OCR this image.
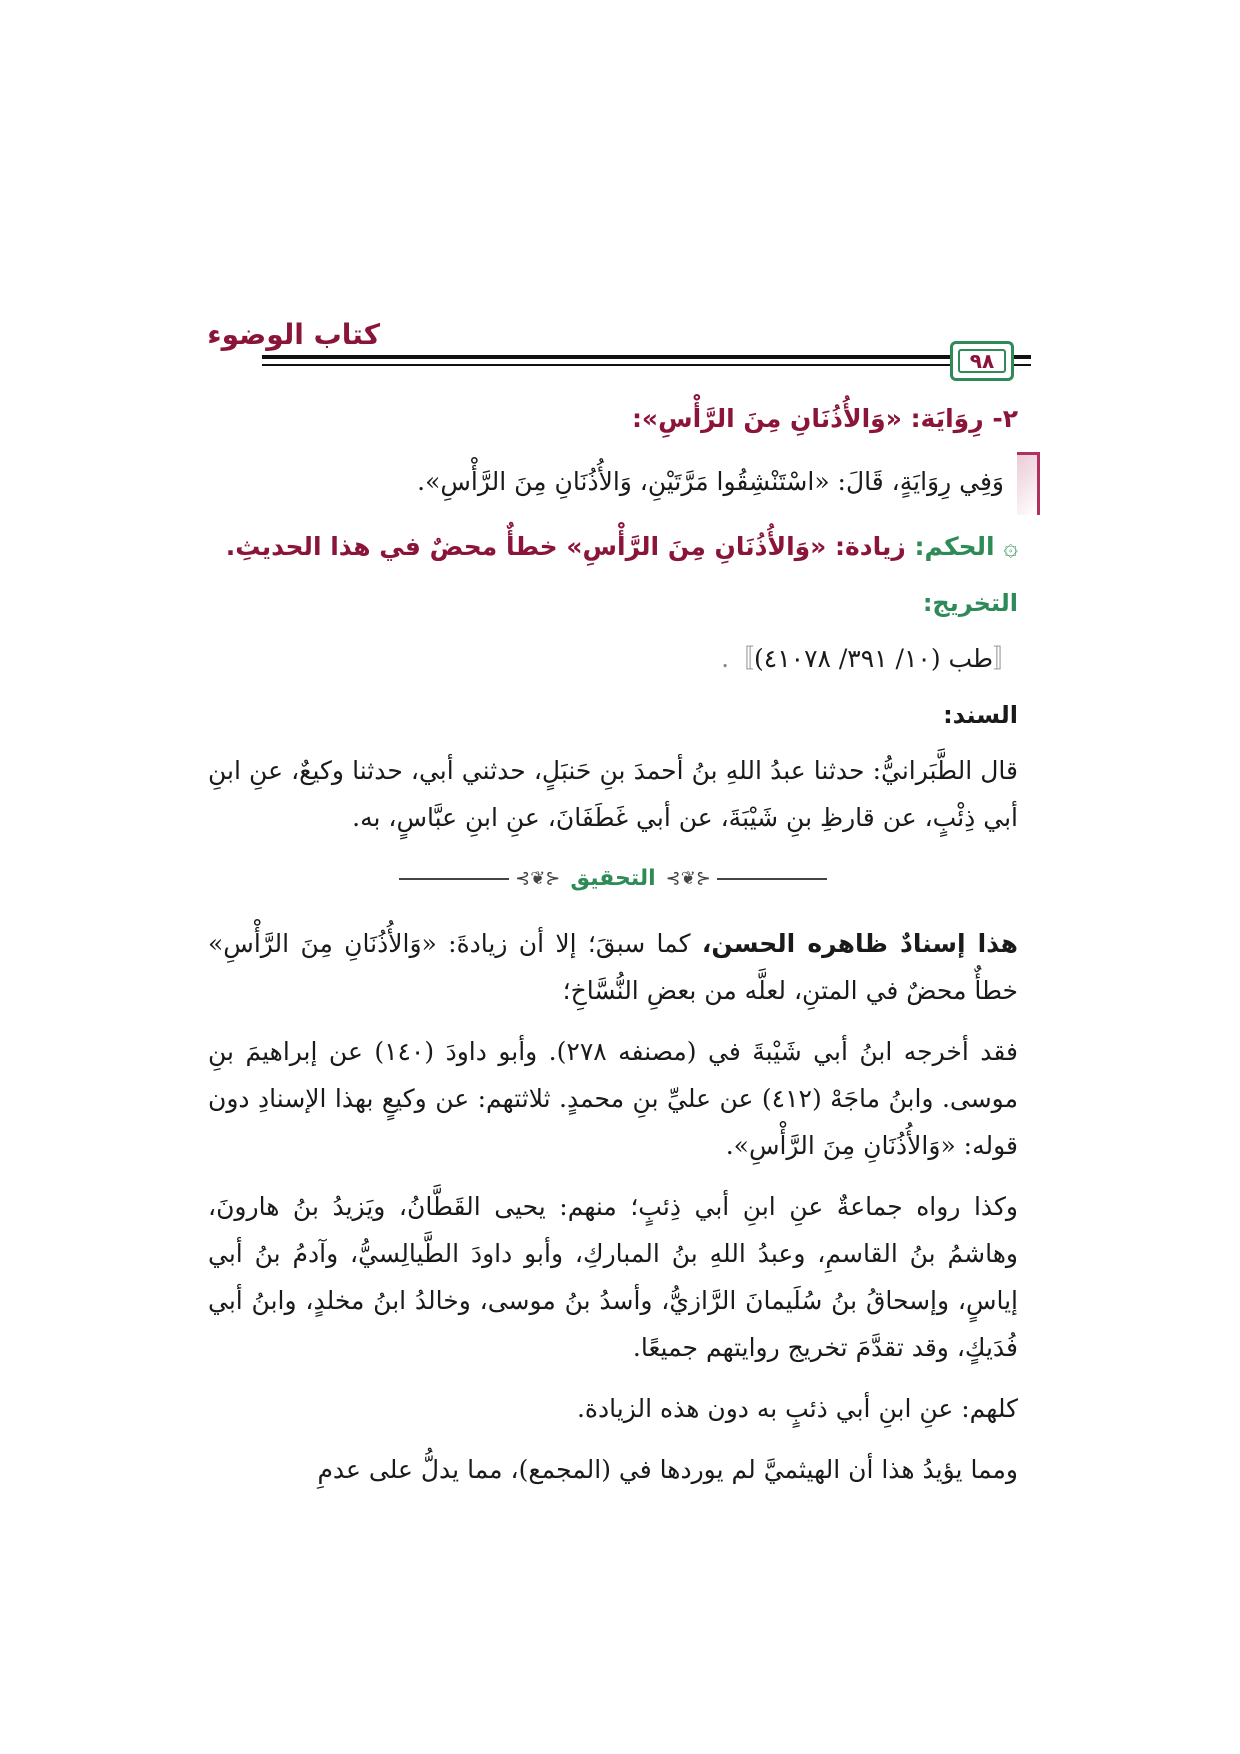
كتاب الوضوء
٩٨

٢- رِوَايَة: «وَالأُذُنَانِ مِنَ الرَّأْسِ»:

وَفِي رِوَايَةٍ، قَالَ: «اسْتَنْشِقُوا مَرَّتَيْنِ، وَالأُذُنَانِ مِنَ الرَّأْسِ».

۞ الحكم: زيادة: «وَالأُذُنَانِ مِنَ الرَّأْسِ» خطأٌ محضٌ في هذا الحديثِ.

التخريج:

〚طب (١٠/ ٣٩١/ ٤١٠٧٨)〛.

السند:

قال الطَّبَرانيُّ: حدثنا عبدُ اللهِ بنُ أحمدَ بنِ حَنبَلٍ، حدثني أبي، حدثنا وكيعٌ، عنِ ابنِ أبي ذِئْبٍ، عن قارظِ بنِ شَيْبَةَ، عن أبي غَطَفَانَ، عنِ ابنِ عبَّاسٍ، به.

⊰❦⊱
التحقيق
⊰❦⊱

هذا إسنادٌ ظاهره الحسن، كما سبقَ؛ إلا أن زيادةَ: «وَالأُذُنَانِ مِنَ الرَّأْسِ» خطأٌ محضٌ في المتنِ، لعلَّه من بعضِ النُّسَّاخِ؛

فقد أخرجه ابنُ أبي شَيْبةَ في (مصنفه ٢٧٨). وأبو داودَ (١٤٠) عن إبراهيمَ بنِ موسى. وابنُ ماجَهْ (٤١٢) عن عليِّ بنِ محمدٍ. ثلاثتهم: عن وكيعٍ بهذا الإسنادِ دون قوله: «وَالأُذُنَانِ مِنَ الرَّأْسِ».

وكذا رواه جماعةٌ عنِ ابنِ أبي ذِئبٍ؛ منهم: يحيى القَطَّانُ، ويَزيدُ بنُ هارونَ، وهاشمُ بنُ القاسمِ، وعبدُ اللهِ بنُ المباركِ، وأبو داودَ الطَّيالِسيُّ، وآدمُ بنُ أبي إياسٍ، وإسحاقُ بنُ سُلَيمانَ الرَّازيُّ، وأسدُ بنُ موسى، وخالدُ ابنُ مخلدٍ، وابنُ أبي فُدَيكٍ، وقد تقدَّمَ تخريج روايتهم جميعًا.

كلهم: عنِ ابنِ أبي ذئبٍ به دون هذه الزيادة.

ومما يؤيدُ هذا أن الهيثميَّ لم يوردها في (المجمع)، مما يدلُّ على عدمِ
